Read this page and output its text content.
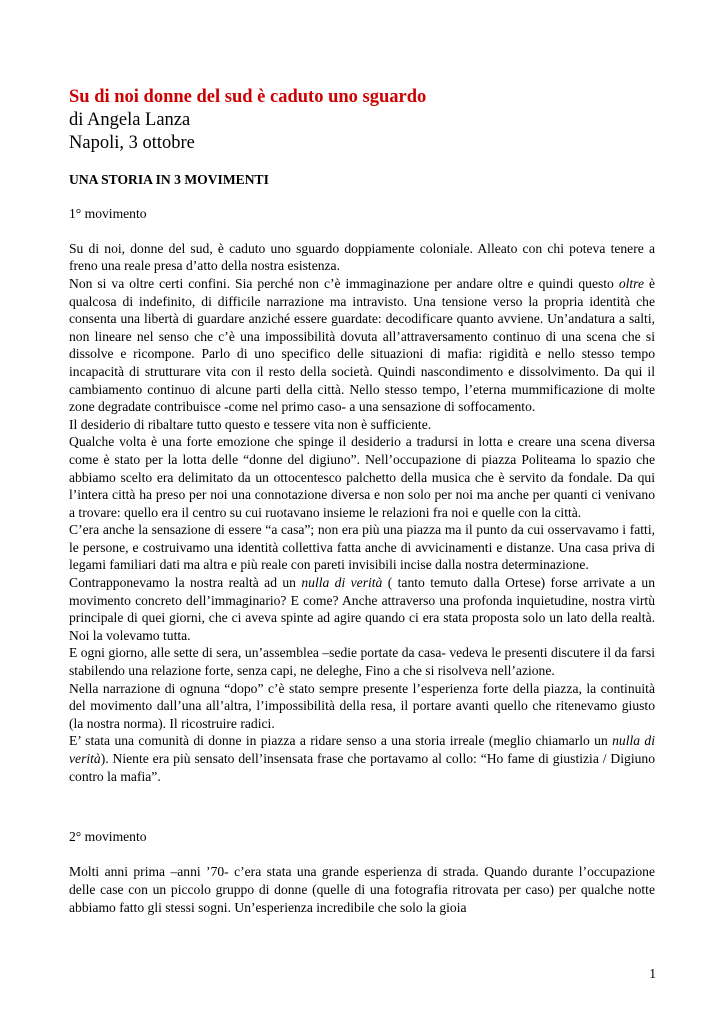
Su di noi donne del sud è caduto uno sguardo
di Angela Lanza
Napoli, 3 ottobre
UNA STORIA IN 3 MOVIMENTI
1° movimento

Su di noi, donne del sud, è caduto uno sguardo doppiamente coloniale. Alleato con chi poteva tenere a freno una reale presa d’atto della nostra esistenza.

Non si va oltre certi confini. Sia perché non c’è immaginazione per andare oltre e quindi questo oltre è qualcosa di indefinito, di difficile narrazione ma intravisto. Una tensione verso la propria identità che consenta una libertà di guardare anziché essere guardate: decodificare quanto avviene. Un’andatura a salti, non lineare nel senso che c’è una impossibilità dovuta all’attraversamento continuo di una scena che si dissolve e ricompone. Parlo di uno specifico delle situazioni di mafia: rigidità e nello stesso tempo incapacità di strutturare vita con il resto della società. Quindi nascondimento e dissolvimento. Da qui il cambiamento continuo di alcune parti della città. Nello stesso tempo, l’eterna mummificazione di molte zone degradate contribuisce -come nel primo caso- a una sensazione di soffocamento.

Il desiderio di ribaltare tutto questo e tessere vita non è sufficiente.

Qualche volta è una forte emozione che spinge il desiderio a tradursi in lotta e creare una scena diversa come è stato per la lotta delle “donne del digiuno”. Nell’occupazione di piazza Politeama lo spazio che abbiamo scelto era delimitato da un ottocentesco palchetto della musica che è servito da fondale. Da qui l’intera città ha preso per noi una connotazione diversa e non solo per noi ma anche per quanti ci venivano a trovare: quello era il centro su cui ruotavano insieme le relazioni fra noi e quelle con la città.

C’era anche la sensazione di essere “a casa”; non era più una piazza ma il punto da cui osservavamo i fatti, le persone, e costruivamo una identità collettiva fatta anche di avvicinamenti e distanze. Una casa priva di legami familiari dati ma altra e più reale con pareti invisibili incise dalla nostra determinazione.

Contrapponevamo la nostra realtà ad un nulla di verità ( tanto temuto dalla Ortese) forse arrivate a un movimento concreto dell’immaginario? E come? Anche attraverso una profonda inquietudine, nostra virtù principale di quei giorni, che ci aveva spinte ad agire quando ci era stata proposta solo un lato della realtà. Noi la volevamo tutta.

E ogni giorno, alle sette di sera, un’assemblea –sedie portate da casa- vedeva le presenti discutere il da farsi stabilendo una relazione forte, senza capi, ne deleghe, Fino a che si risolveva nell’azione.

Nella narrazione di ognuna “dopo” c’è stato sempre presente l’esperienza forte della piazza, la continuità del movimento dall’una all’altra, l’impossibilità della resa, il portare avanti quello che ritenevamo giusto (la nostra norma). Il ricostruire radici.

E’ stata una comunità di donne in piazza a ridare senso a una storia irreale (meglio chiamarlo un nulla di verità). Niente era più sensato dell’insensata frase che portavamo al collo: “Ho fame di giustizia / Digiuno contro la mafia”.

2° movimento

Molti anni prima –anni ’70- c’era stata una grande esperienza di strada. Quando durante l’occupazione delle case con un piccolo gruppo di donne (quelle di una fotografia ritrovata per caso) per qualche notte abbiamo fatto gli stessi sogni. Un’esperienza incredibile che solo la gioia

1
